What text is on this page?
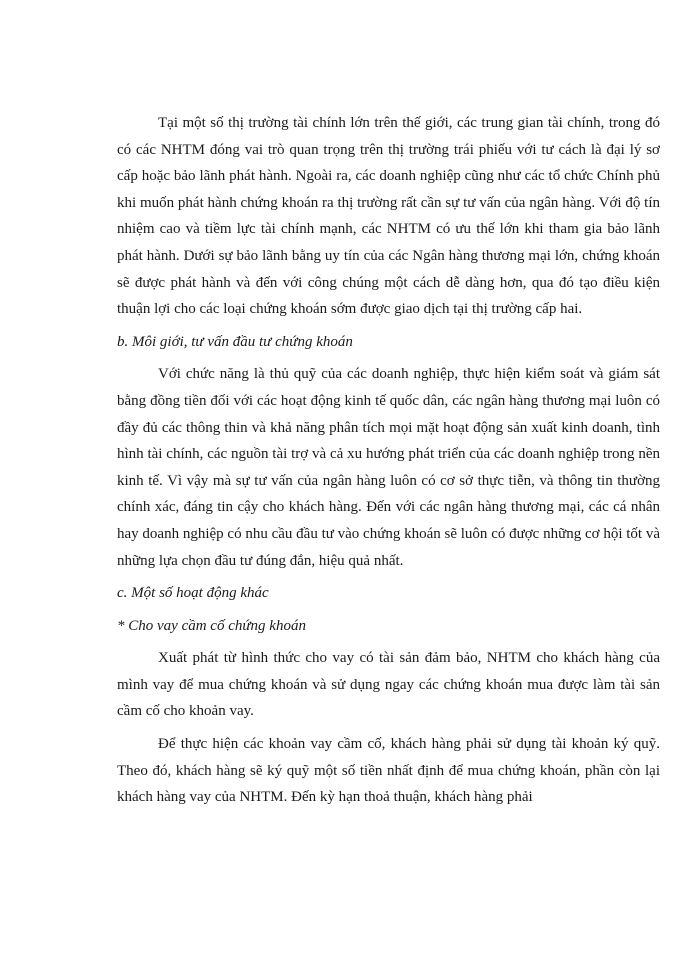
Tại một số thị trường tài chính lớn trên thế giới, các trung gian tài chính, trong đó có các NHTM đóng vai trò quan trọng trên thị trường trái phiếu với tư cách là đại lý sơ cấp hoặc bảo lãnh phát hành. Ngoài ra, các doanh nghiệp cũng như các tổ chức Chính phủ khi muốn phát hành chứng khoán ra thị trường rất cần sự tư vấn của ngân hàng. Với độ tín nhiệm cao và tiềm lực tài chính mạnh, các NHTM có ưu thế lớn khi tham gia bảo lãnh phát hành. Dưới sự bảo lãnh bằng uy tín của các Ngân hàng thương mại lớn, chứng khoán sẽ được phát hành và đến với công chúng một cách dễ dàng hơn, qua đó tạo điều kiện thuận lợi cho các loại chứng khoán sớm được giao dịch tại thị trường cấp hai.

b. Môi giới, tư vấn đầu tư chứng khoán

Với chức năng là thủ quỹ của các doanh nghiệp, thực hiện kiểm soát và giám sát bằng đồng tiền đối với các hoạt động kinh tế quốc dân, các ngân hàng thương mại luôn có đầy đủ các thông thin và khả năng phân tích mọi mặt hoạt động sản xuất kinh doanh, tình hình tài chính, các nguồn tài trợ và cả xu hướng phát triển của các doanh nghiệp trong nền kinh tế. Vì vậy mà sự tư vấn của ngân hàng luôn có cơ sở thực tiễn, và thông tin thường chính xác, đáng tin cậy cho khách hàng. Đến với các ngân hàng thương mại, các cá nhân hay doanh nghiệp có nhu cầu đầu tư vào chứng khoán sẽ luôn có được những cơ hội tốt và những lựa chọn đầu tư đúng đắn, hiệu quả nhất.

c. Một số hoạt động khác

* Cho vay cầm cố chứng khoán

Xuất phát từ hình thức cho vay có tài sản đảm bảo, NHTM cho khách hàng của mình vay để mua chứng khoán và sử dụng ngay các chứng khoán mua được làm tài sản cầm cố cho khoản vay.

Để thực hiện các khoản vay cầm cố, khách hàng phải sử dụng tài khoản ký quỹ. Theo đó, khách hàng sẽ ký quỹ một số tiền nhất định để mua chứng khoán, phần còn lại khách hàng vay của NHTM. Đến kỳ hạn thoả thuận, khách hàng phải
